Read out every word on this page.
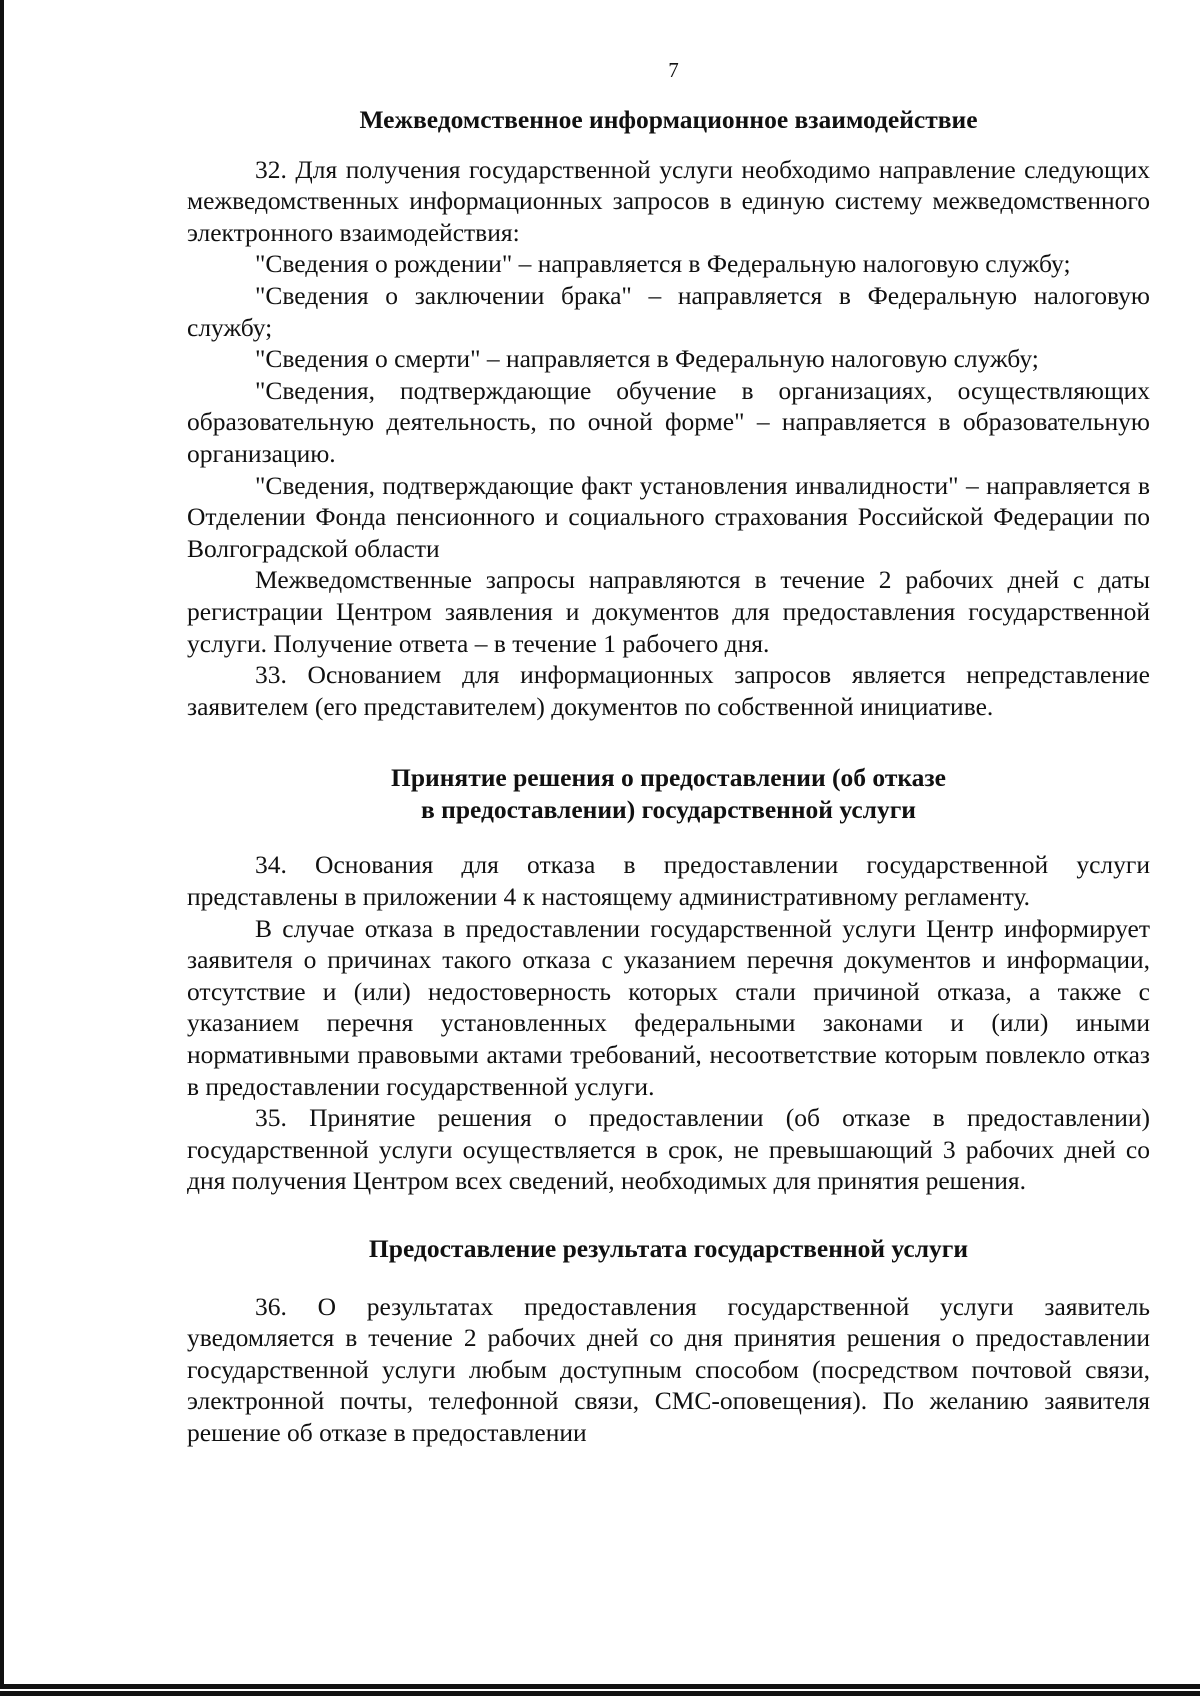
7
Межведомственное информационное взаимодействие

32. Для получения государственной услуги необходимо направление следующих межведомственных информационных запросов в единую систему межведомственного электронного взаимодействия:

"Сведения о рождении" – направляется в Федеральную налоговую службу;

"Сведения о заключении брака" – направляется в Федеральную налоговую службу;

"Сведения о смерти" – направляется в Федеральную налоговую службу;

"Сведения, подтверждающие обучение в организациях, осуществляющих образовательную деятельность, по очной форме" – направляется в образовательную организацию.

"Сведения, подтверждающие факт установления инвалидности" – направляется в Отделении Фонда пенсионного и социального страхования Российской Федерации по Волгоградской области

Межведомственные запросы направляются в течение 2 рабочих дней с даты регистрации Центром заявления и документов для предоставления государственной услуги. Получение ответа – в течение 1 рабочего дня.

33. Основанием для информационных запросов является непредставление заявителем (его представителем) документов по собственной инициативе.

Принятие решения о предоставлении (об отказе
в предоставлении) государственной услуги

34. Основания для отказа в предоставлении государственной услуги представлены в приложении 4 к настоящему административному регламенту.

В случае отказа в предоставлении государственной услуги Центр информирует заявителя о причинах такого отказа с указанием перечня документов и информации, отсутствие и (или) недостоверность которых стали причиной отказа, а также с указанием перечня установленных федеральными законами и (или) иными нормативными правовыми актами требований, несоответствие которым повлекло отказ в предоставлении государственной услуги.

35. Принятие решения о предоставлении (об отказе в предоставлении) государственной услуги осуществляется в срок, не превышающий 3 рабочих дней со дня получения Центром всех сведений, необходимых для принятия решения.

Предоставление результата государственной услуги

36. О результатах предоставления государственной услуги заявитель уведомляется в течение 2 рабочих дней со дня принятия решения о предоставлении государственной услуги любым доступным способом (посредством почтовой связи, электронной почты, телефонной связи, СМС-оповещения). По желанию заявителя решение об отказе в предоставлении
